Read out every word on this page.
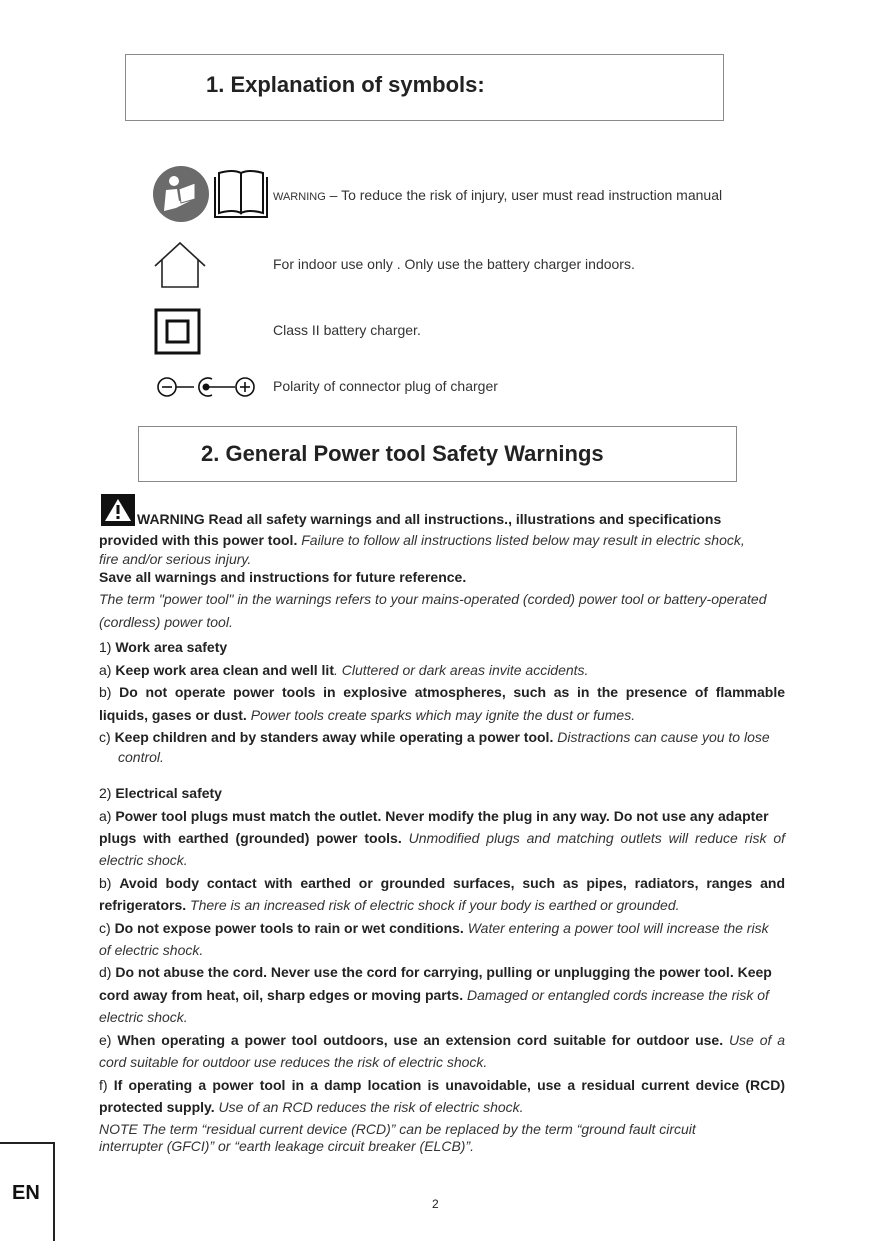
1. Explanation of symbols:
WARNING – To reduce the risk of injury, user must read instruction manual
For indoor use only . Only use the battery charger indoors.
Class II battery charger.
Polarity of connector plug of charger
2. General Power tool Safety Warnings

WARNING Read all safety warnings and all instructions., illustrations and specifications

provided with this power tool. Failure to follow all instructions listed below may result in electric shock,

fire and/or serious injury.

Save all warnings and instructions for future reference.

The term "power tool" in the warnings refers to your mains-operated (corded) power tool or battery-operated

(cordless) power tool.

1) Work area safety

a) Keep work area clean and well lit. Cluttered or dark areas invite accidents.

b) Do not operate power tools in explosive atmospheres, such as in the presence of flammable

liquids, gases or dust. Power tools create sparks which may ignite the dust or fumes.

c) Keep children and by standers away while operating a power tool. Distractions can cause you to lose

control.

2) Electrical safety

a) Power tool plugs must match the outlet. Never modify the plug in any way. Do not use any adapter

plugs with earthed (grounded) power tools. Unmodified plugs and matching outlets will reduce risk of

electric shock.

b) Avoid body contact with earthed or grounded surfaces, such as pipes, radiators, ranges and

refrigerators. There is an increased risk of electric shock if your body is earthed or grounded.

c) Do not expose power tools to rain or wet conditions. Water entering a power tool will increase the risk

of electric shock.

d) Do not abuse the cord. Never use the cord for carrying, pulling or unplugging the power tool. Keep

cord away from heat, oil, sharp edges or moving parts. Damaged or entangled cords increase the risk of

electric shock.

e) When operating a power tool outdoors, use an extension cord suitable for outdoor use. Use of a

cord suitable for outdoor use reduces the risk of electric shock.

f) If operating a power tool in a damp location is unavoidable, use a residual current device (RCD)

protected supply. Use of an RCD reduces the risk of electric shock.

NOTE The term “residual current device (RCD)” can be replaced by the term “ground fault circuit

interrupter (GFCI)” or “earth leakage circuit breaker (ELCB)”.

EN	2
